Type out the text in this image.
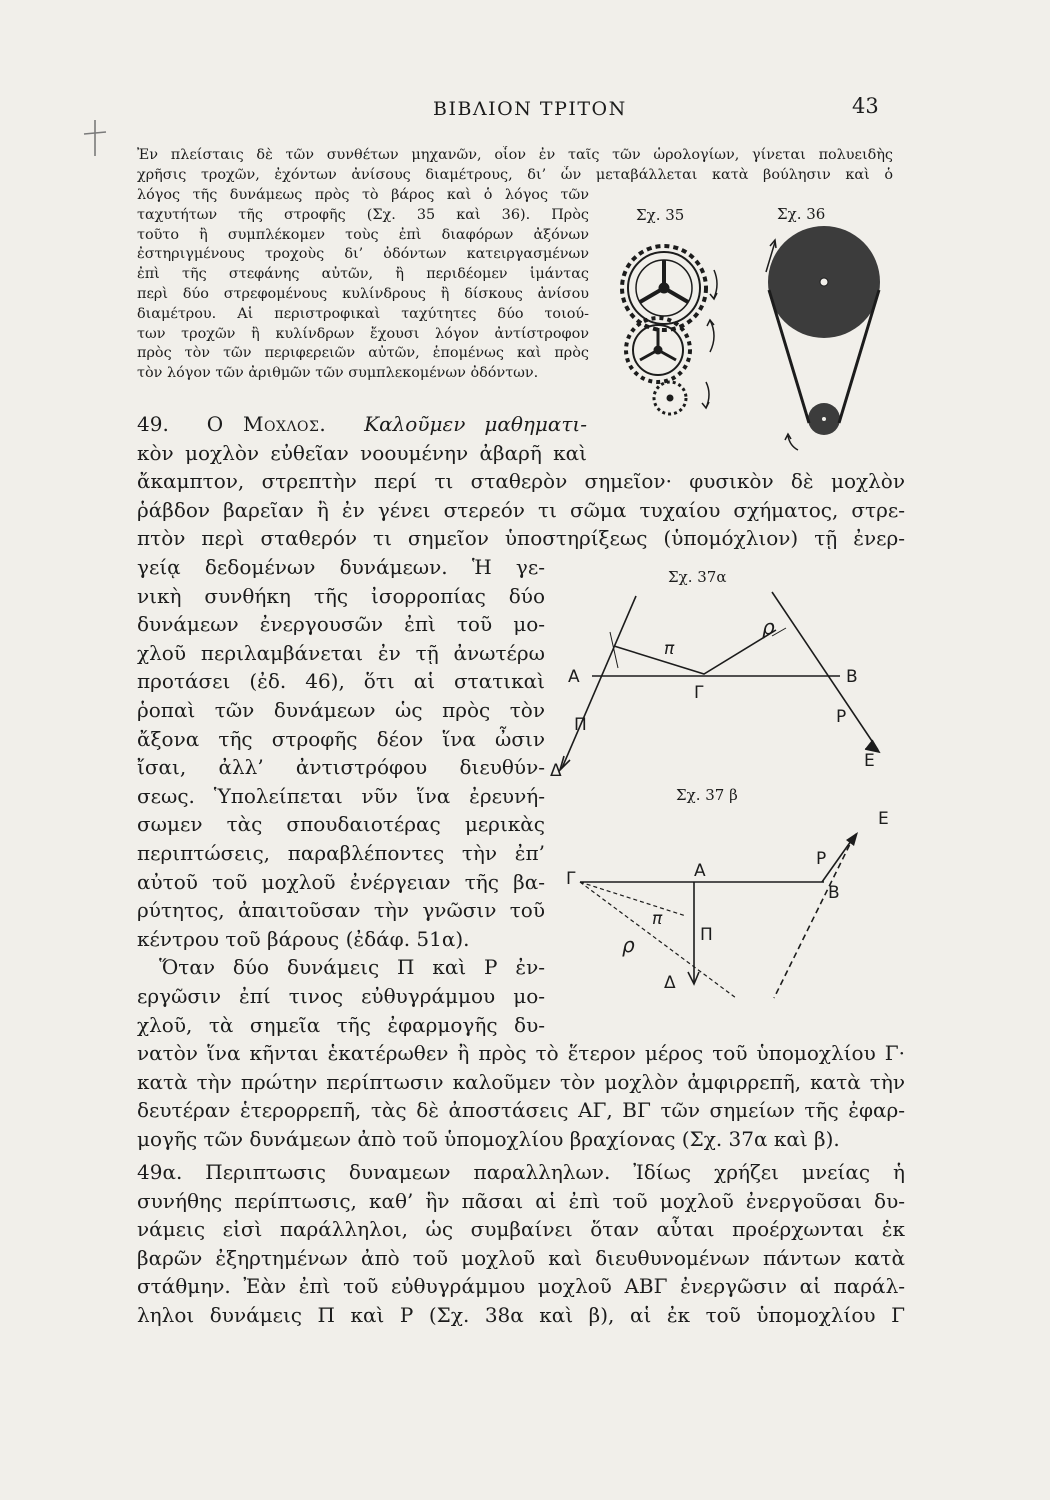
ΒΙΒΛΙΟΝ ΤΡΙΤΟΝ	43
Ἐν πλείσταις δὲ τῶν συνθέτων μηχανῶν, οἷον ἐν ταῖς τῶν ὡρολογίων, γίνεται πολυειδὴς
χρῆσις τροχῶν, ἐχόντων ἀνίσους διαμέτρους, δι’ ὧν μεταβάλλεται κατὰ βούλησιν καὶ ὁ
λόγος τῆς δυνάμεως πρὸς τὸ βάρος καὶ ὁ λόγος τῶν
ταχυτήτων τῆς στροφῆς (Σχ. 35 καὶ 36). Πρὸς
τοῦτο ἢ συμπλέκομεν τοὺς ἐπὶ διαφόρων ἀξόνων
ἐστηριγμένους τροχοὺς δι’ ὀδόντων κατειργασμένων
ἐπὶ τῆς στεφάνης αὐτῶν, ἢ περιδέομεν ἱμάντας
περὶ δύο στρεφομένους κυλίνδρους ἢ δίσκους ἀνίσου
διαμέτρου. Αἱ περιστροφικαὶ ταχύτητες δύο τοιού-
των τροχῶν ἢ κυλίνδρων ἔχουσι λόγον ἀντίστροφον
πρὸς τὸν τῶν περιφερειῶν αὐτῶν, ἑπομένως καὶ πρὸς
τὸν λόγον τῶν ἀριθμῶν τῶν συμπλεκομένων ὀδόντων.
Σχ. 35	Σχ. 36
49. Ο Μοχλος. Καλοῦμεν μαθηματι-
κὸν μοχλὸν εὐθεῖαν νοουμένην ἀβαρῆ καὶ
ἄκαμπτον, στρεπτὴν περί τι σταθερὸν σημεῖον· φυσικὸν δὲ μοχλὸν
ῥάβδον βαρεῖαν ἢ ἐν γένει στερεόν τι σῶμα τυχαίου σχήματος, στρε-
πτὸν περὶ σταθερόν τι σημεῖον ὑποστηρίξεως (ὑπομόχλιον) τῇ ἐνερ-
γείᾳ δεδομένων δυνάμεων. Ἡ γε-
νικὴ συνθήκη τῆς ἰσορροπίας δύο
δυνάμεων ἐνεργουσῶν ἐπὶ τοῦ μο-
χλοῦ περιλαμβάνεται ἐν τῇ ἀνωτέρω
προτάσει (ἐδ. 46), ὅτι αἱ στατικαὶ
ῥοπαὶ τῶν δυνάμεων ὡς πρὸς τὸν
ἄξονα τῆς στροφῆς δέον ἵνα ὦσιν
ἴσαι, ἀλλ’ ἀντιστρόφου διευθύν-
σεως. Ὑπολείπεται νῦν ἵνα ἐρευνή-
σωμεν τὰς σπουδαιοτέρας μερικὰς
περιπτώσεις, παραβλέποντες τὴν ἐπ’
αὐτοῦ τοῦ μοχλοῦ ἐνέργειαν τῆς βα-
ρύτητος, ἀπαιτοῦσαν τὴν γνῶσιν τοῦ
κέντρου τοῦ βάρους (ἐδάφ. 51α).
Ὅταν δύο δυνάμεις Π καὶ Ρ ἐν-
εργῶσιν ἐπί τινος εὐθυγράμμου μο-
χλοῦ, τὰ σημεῖα τῆς ἐφαρμογῆς δυ-
νατὸν ἵνα κῆνται ἑκατέρωθεν ἢ πρὸς τὸ ἕτερον μέρος τοῦ ὑπομοχλίου Γ·
κατὰ τὴν πρώτην περίπτωσιν καλοῦμεν τὸν μοχλὸν ἀμφιρρεπῆ, κατὰ τὴν
δευτέραν ἑτερορρεπῆ, τὰς δὲ ἀποστάσεις ΑΓ, ΒΓ τῶν σημείων τῆς ἐφαρ-
μογῆς τῶν δυνάμεων ἀπὸ τοῦ ὑπομοχλίου βραχίονας (Σχ. 37α καὶ β).
Σχ. 37α
A	B
Γ
Π	P
Δ	E
π
ρ
Σχ. 37 β
Γ	A
B
Π
P
Δ
E
π
ρ
49α. Περιπτωσις δυναμεων παραλληλων. Ἰδίως χρήζει μνείας ἡ
συνήθης περίπτωσις, καθ’ ἣν πᾶσαι αἱ ἐπὶ τοῦ μοχλοῦ ἐνεργοῦσαι δυ-
νάμεις εἰσὶ παράλληλοι, ὡς συμβαίνει ὅταν αὗται προέρχωνται ἐκ
βαρῶν ἐξηρτημένων ἀπὸ τοῦ μοχλοῦ καὶ διευθυνομένων πάντων κατὰ
στάθμην. Ἐὰν ἐπὶ τοῦ εὐθυγράμμου μοχλοῦ ΑΒΓ ἐνεργῶσιν αἱ παράλ-
ληλοι δυνάμεις Π καὶ Ρ (Σχ. 38α καὶ β), αἱ ἐκ τοῦ ὑπομοχλίου Γ
